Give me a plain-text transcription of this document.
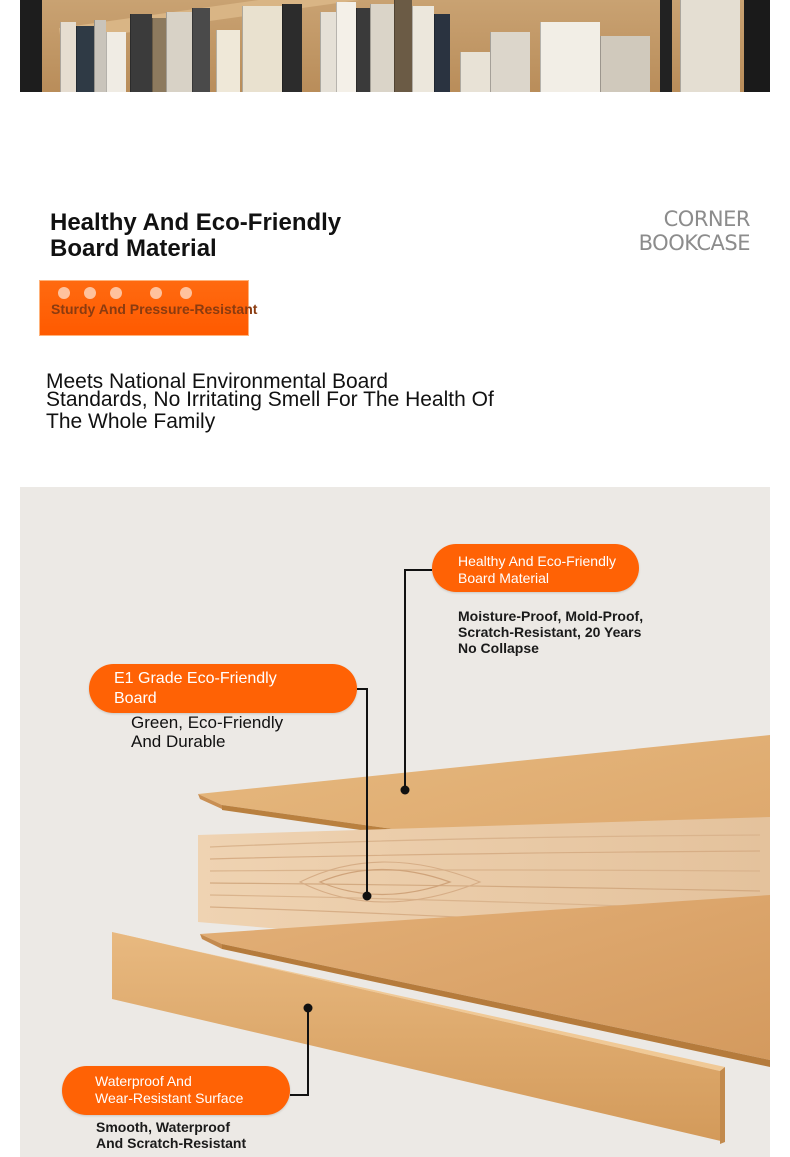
Healthy And Eco-Friendly
Board Material
CORNER
BOOKCASE
Sturdy And Pressure-Resistant
Meets National Environmental Board
Standards, No Irritating Smell For The Health Of
The Whole Family
Healthy And Eco-Friendly
Board Material
Moisture-Proof, Mold-Proof,
Scratch-Resistant, 20 Years
No Collapse
E1 Grade Eco-Friendly
Board
Green, Eco-Friendly
And Durable
Waterproof And
Wear-Resistant Surface
Smooth, Waterproof
And Scratch-Resistant
